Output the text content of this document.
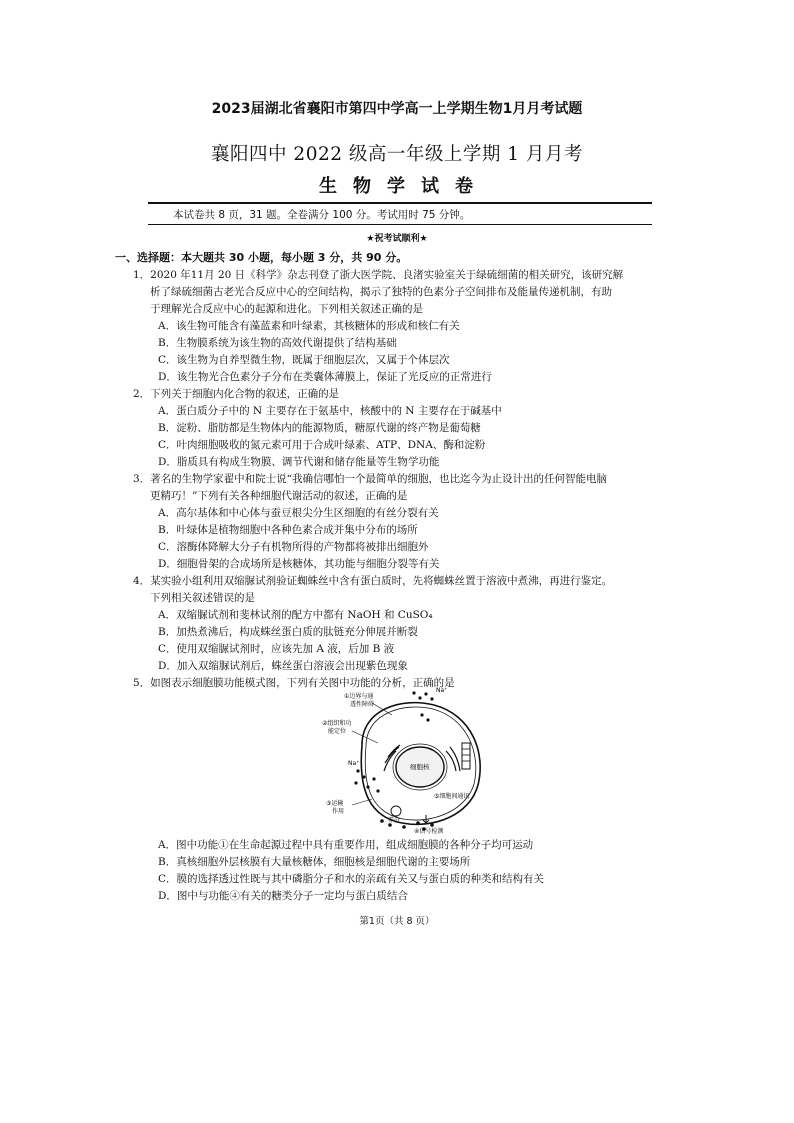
2023届湖北省襄阳市第四中学高一上学期生物1月月考试题
襄阳四中 2022 级高一年级上学期 1 月月考
生物学试卷
本试卷共 8 页，31 题。全卷满分 100 分。考试用时 75 分钟。
★祝考试顺利★
一、选择题：本大题共 30 小题，每小题 3 分，共 90 分。
1．2020 年11月 20 日《科学》杂志刊登了浙大医学院、良渚实验室关于绿硫细菌的相关研究，该研究解
析了绿硫细菌古老光合反应中心的空间结构，揭示了独特的色素分子空间排布及能量传递机制，有助
于理解光合反应中心的起源和进化。下列相关叙述正确的是
A．该生物可能含有藻蓝素和叶绿素，其核糖体的形成和核仁有关
B．生物膜系统为该生物的高效代谢提供了结构基础
C．该生物为自养型微生物，既属于细胞层次，又属于个体层次
D．该生物光合色素分子分布在类囊体薄膜上，保证了光反应的正常进行
2．下列关于细胞内化合物的叙述，正确的是
A．蛋白质分子中的 N 主要存在于氨基中，核酸中的 N 主要存在于碱基中
B．淀粉、脂肪都是生物体内的能源物质，糖原代谢的终产物是葡萄糖
C．叶肉细胞吸收的氮元素可用于合成叶绿素、ATP、DNA、酶和淀粉
D．脂质具有构成生物膜、调节代谢和储存能量等生物学功能
3．著名的生物学家翟中和院士说“我确信哪怕一个最简单的细胞，也比迄今为止设计出的任何智能电脑
更精巧！”下列有关各种细胞代谢活动的叙述，正确的是
A．高尔基体和中心体与蚕豆根尖分生区细胞的有丝分裂有关
B．叶绿体是植物细胞中各种色素合成并集中分布的场所
C．溶酶体降解大分子有机物所得的产物都将被排出细胞外
D．细胞骨架的合成场所是核糖体，其功能与细胞分裂等有关
4．某实验小组利用双缩脲试剂验证蜘蛛丝中含有蛋白质时，先将蜘蛛丝置于溶液中煮沸，再进行鉴定。
下列相关叙述错误的是
A．双缩脲试剂和斐林试剂的配方中都有 NaOH 和 CuSO₄
B．加热煮沸后，构成蛛丝蛋白质的肽链充分伸展并断裂
C．使用双缩脲试剂时，应该先加 A 液，后加 B 液
D．加入双缩脲试剂后，蛛丝蛋白溶液会出现紫色现象
5．如图表示细胞膜功能模式图，下列有关图中功能的分析，正确的是
①边界与通
透性障碍
Na⁺
②组织和功
能定位
细胞核
Na⁺
⑤细胞间通讯
③运输
作用
养分
④信号检测
A．图中功能①在生命起源过程中具有重要作用，组成细胞膜的各种分子均可运动
B．真核细胞外层核膜有大量核糖体，细胞核是细胞代谢的主要场所
C．膜的选择透过性既与其中磷脂分子和水的亲疏有关又与蛋白质的种类和结构有关
D．图中与功能④有关的糖类分子一定均与蛋白质结合
第1页（共 8 页）
